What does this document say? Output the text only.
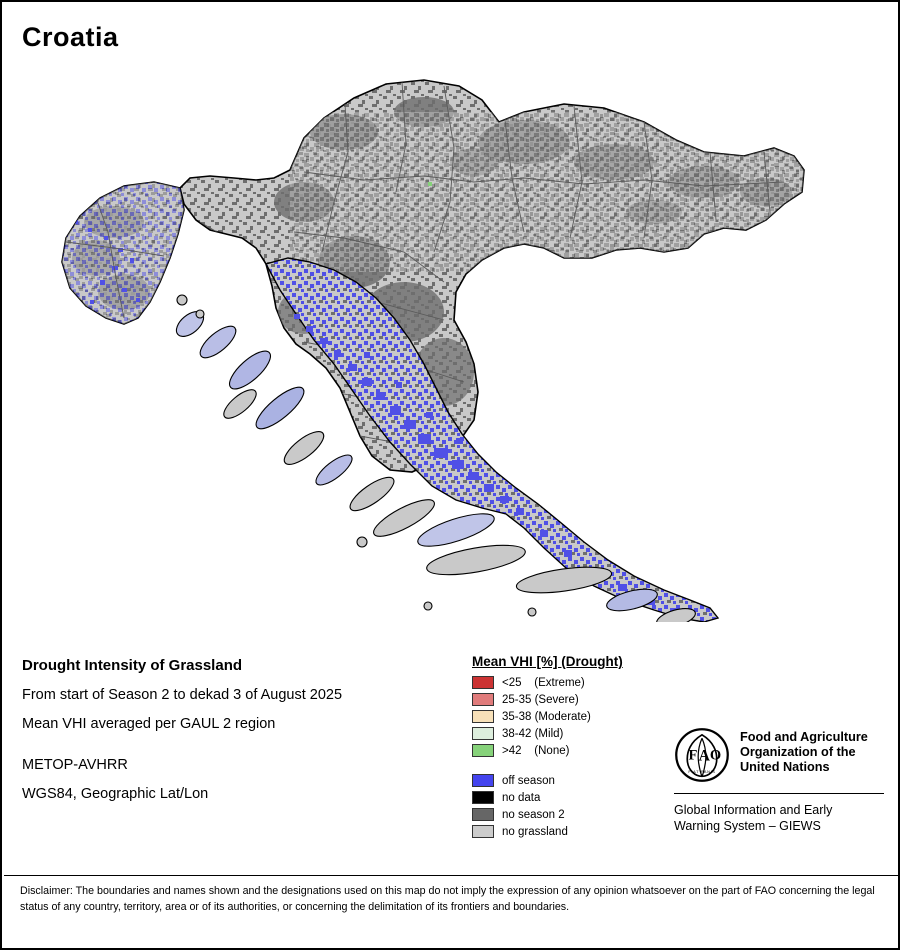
Croatia
Drought Intensity of Grassland
From start of Season 2 to dekad 3 of August 2025
Mean VHI averaged per GAUL 2 region
METOP-AVHRR
WGS84, Geographic Lat/Lon
Mean VHI [%] (Drought)
<25    (Extreme)
25-35 (Severe)
35-38 (Moderate)
38-42 (Mild)
>42    (None)
off season
no data
no season 2
no grassland
F A O
FIAT PANIS
Food and Agriculture
Organization of the
United Nations
Global Information and Early
Warning System – GIEWS
Disclaimer: The boundaries and names shown and the designations used on this map do not imply the expression of any opinion whatsoever on the part of FAO concerning the legal status of any country, territory, area or of its authorities, or concerning the delimitation of its frontiers and boundaries.
